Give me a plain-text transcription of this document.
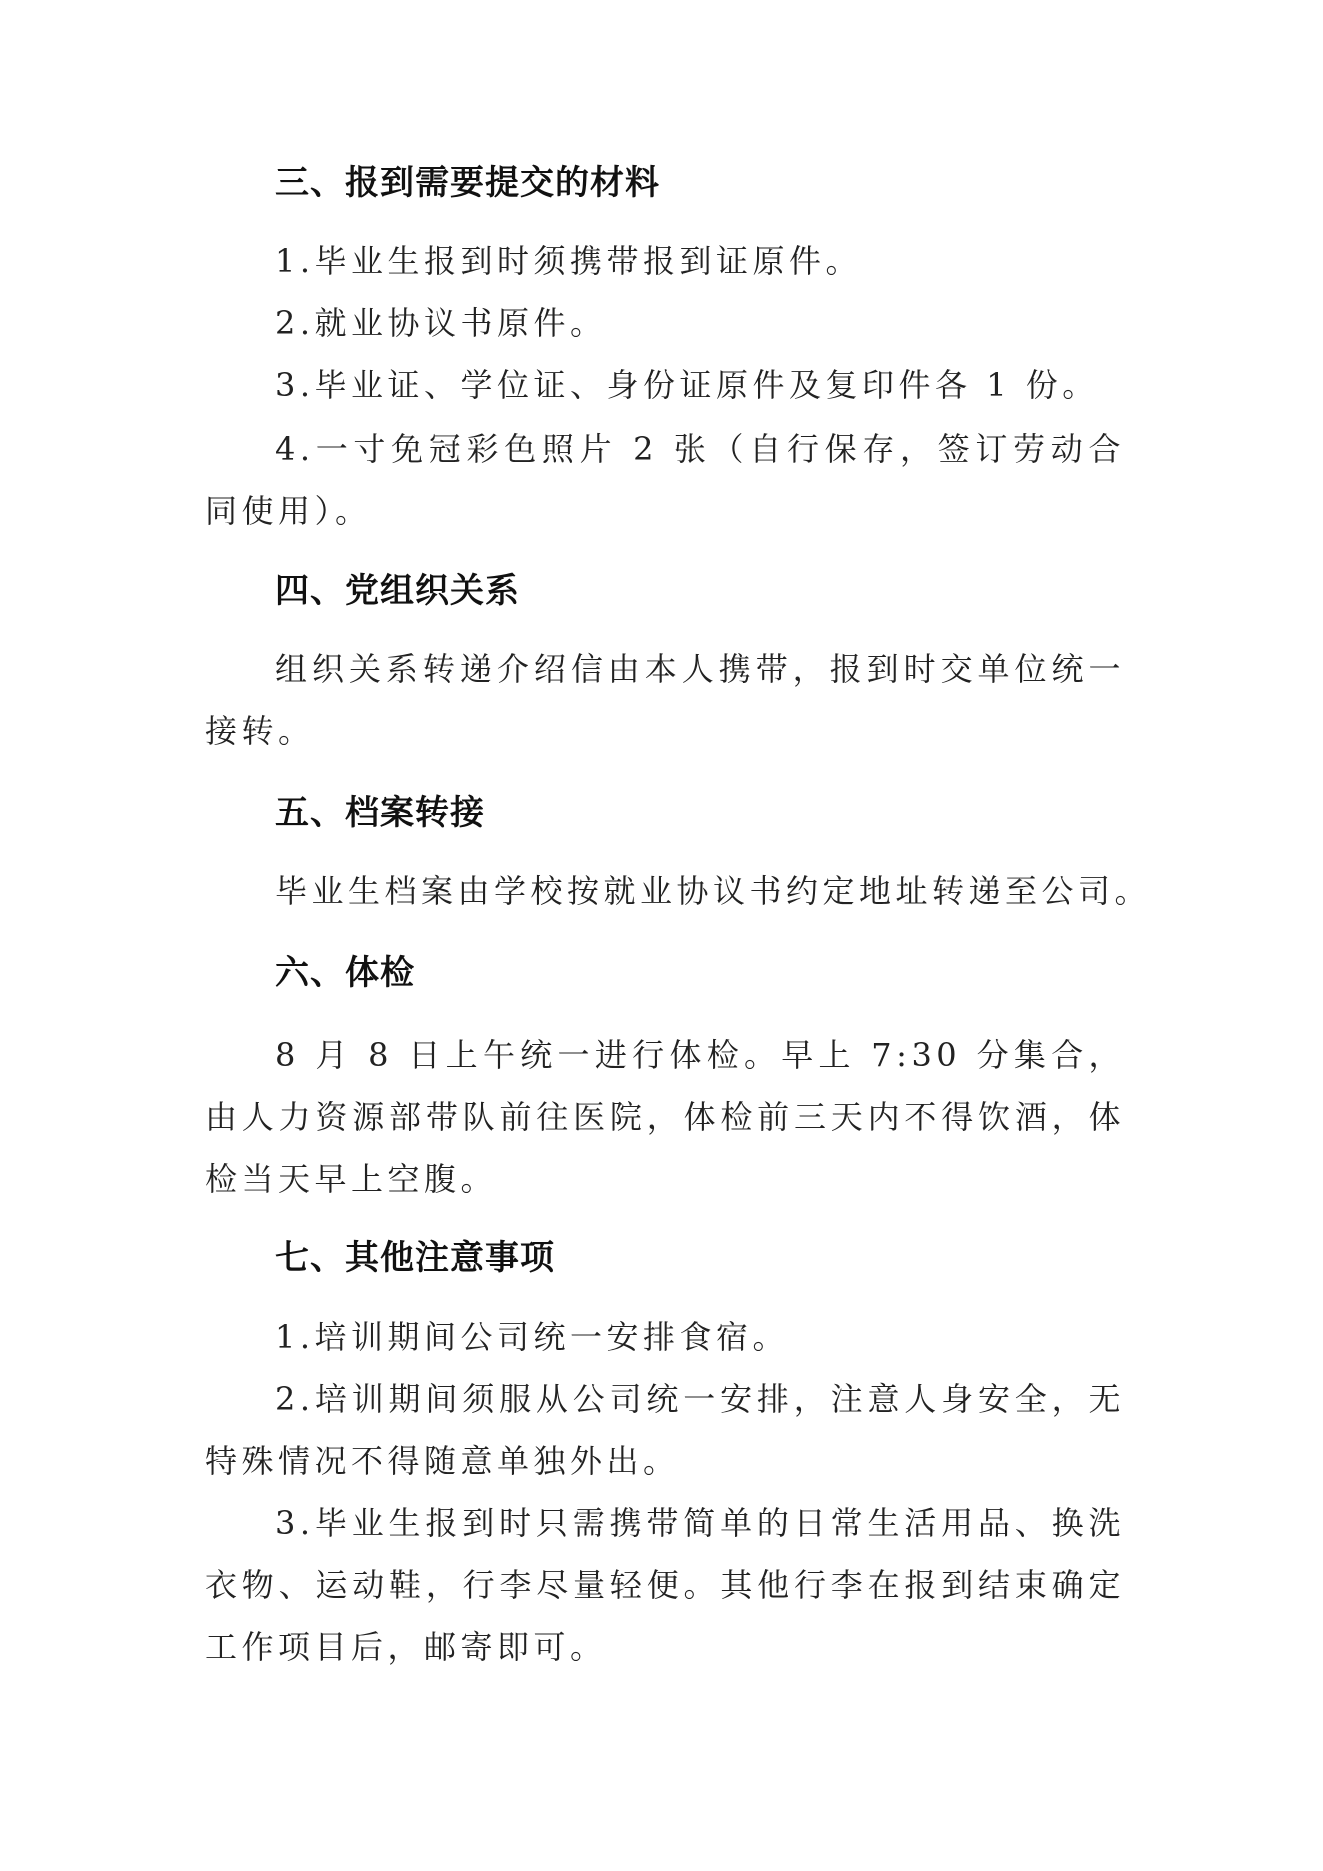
三、报到需要提交的材料

1.毕业生报到时须携带报到证原件。

2.就业协议书原件。

3.毕业证、学位证、身份证原件及复印件各 1 份。

4.一寸免冠彩色照片 2 张（自行保存，签订劳动合同使用）。

四、党组织关系

组织关系转递介绍信由本人携带，报到时交单位统一接转。

五、档案转接

毕业生档案由学校按就业协议书约定地址转递至公司。

六、体检

8 月 8 日上午统一进行体检。早上 7:30 分集合，由人力资源部带队前往医院，体检前三天内不得饮酒，体检当天早上空腹。

七、其他注意事项

1.培训期间公司统一安排食宿。

2.培训期间须服从公司统一安排，注意人身安全，无特殊情况不得随意单独外出。

3.毕业生报到时只需携带简单的日常生活用品、换洗衣物、运动鞋，行李尽量轻便。其他行李在报到结束确定工作项目后，邮寄即可。
